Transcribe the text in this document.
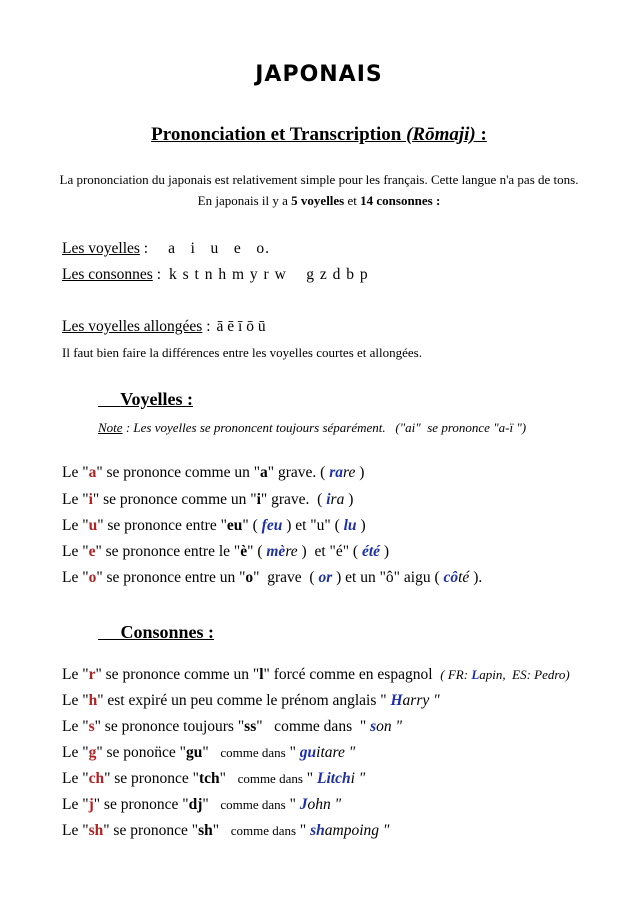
JAPONAIS
Prononciation et Transcription (Rōmaji) :
La prononciation du japonais est relativement simple pour les français. Cette langue n'a pas de tons.
En japonais il y a 5 voyelles et 14 consonnes :
Les voyelles : a   i   u   e   o.
Les consonnes : k s t n h m y r w    g z d b p
Les voyelles allongées : ā ē ī ō ū
Il faut bien faire la différences entre les voyelles courtes et allongées.
Voyelles :
Note : Les voyelles se prononcent toujours séparément.   ("ai"  se prononce "a-ï ")
Le "a" se prononce comme un "a" grave. ( rare )
Le "i" se prononce comme un "i" grave.  ( ira )
Le "u" se prononce entre "eu" ( feu ) et "u" ( lu )
Le "e" se prononce entre le "è" ( mère )  et "é" ( été )
Le "o" se prononce entre un "o"  grave  ( or ) et un "ô" aigu ( côté ).
Consonnes :
Le "r" se prononce comme un "l" forcé comme en espagnol  ( FR: Lapin,  ES: Pedro)
Le "h" est expiré un peu comme le prénom anglais " Harry "
Le "s" se prononce toujours "ss"   comme dans  " son "
Le "g" se ponon̈ce "gu"   comme dans " guitare "
Le "ch" se prononce "tch"   comme dans " Litchi "
Le "j" se prononce "dj"   comme dans " John "
Le "sh" se prononce "sh"   comme dans " shampoing "
